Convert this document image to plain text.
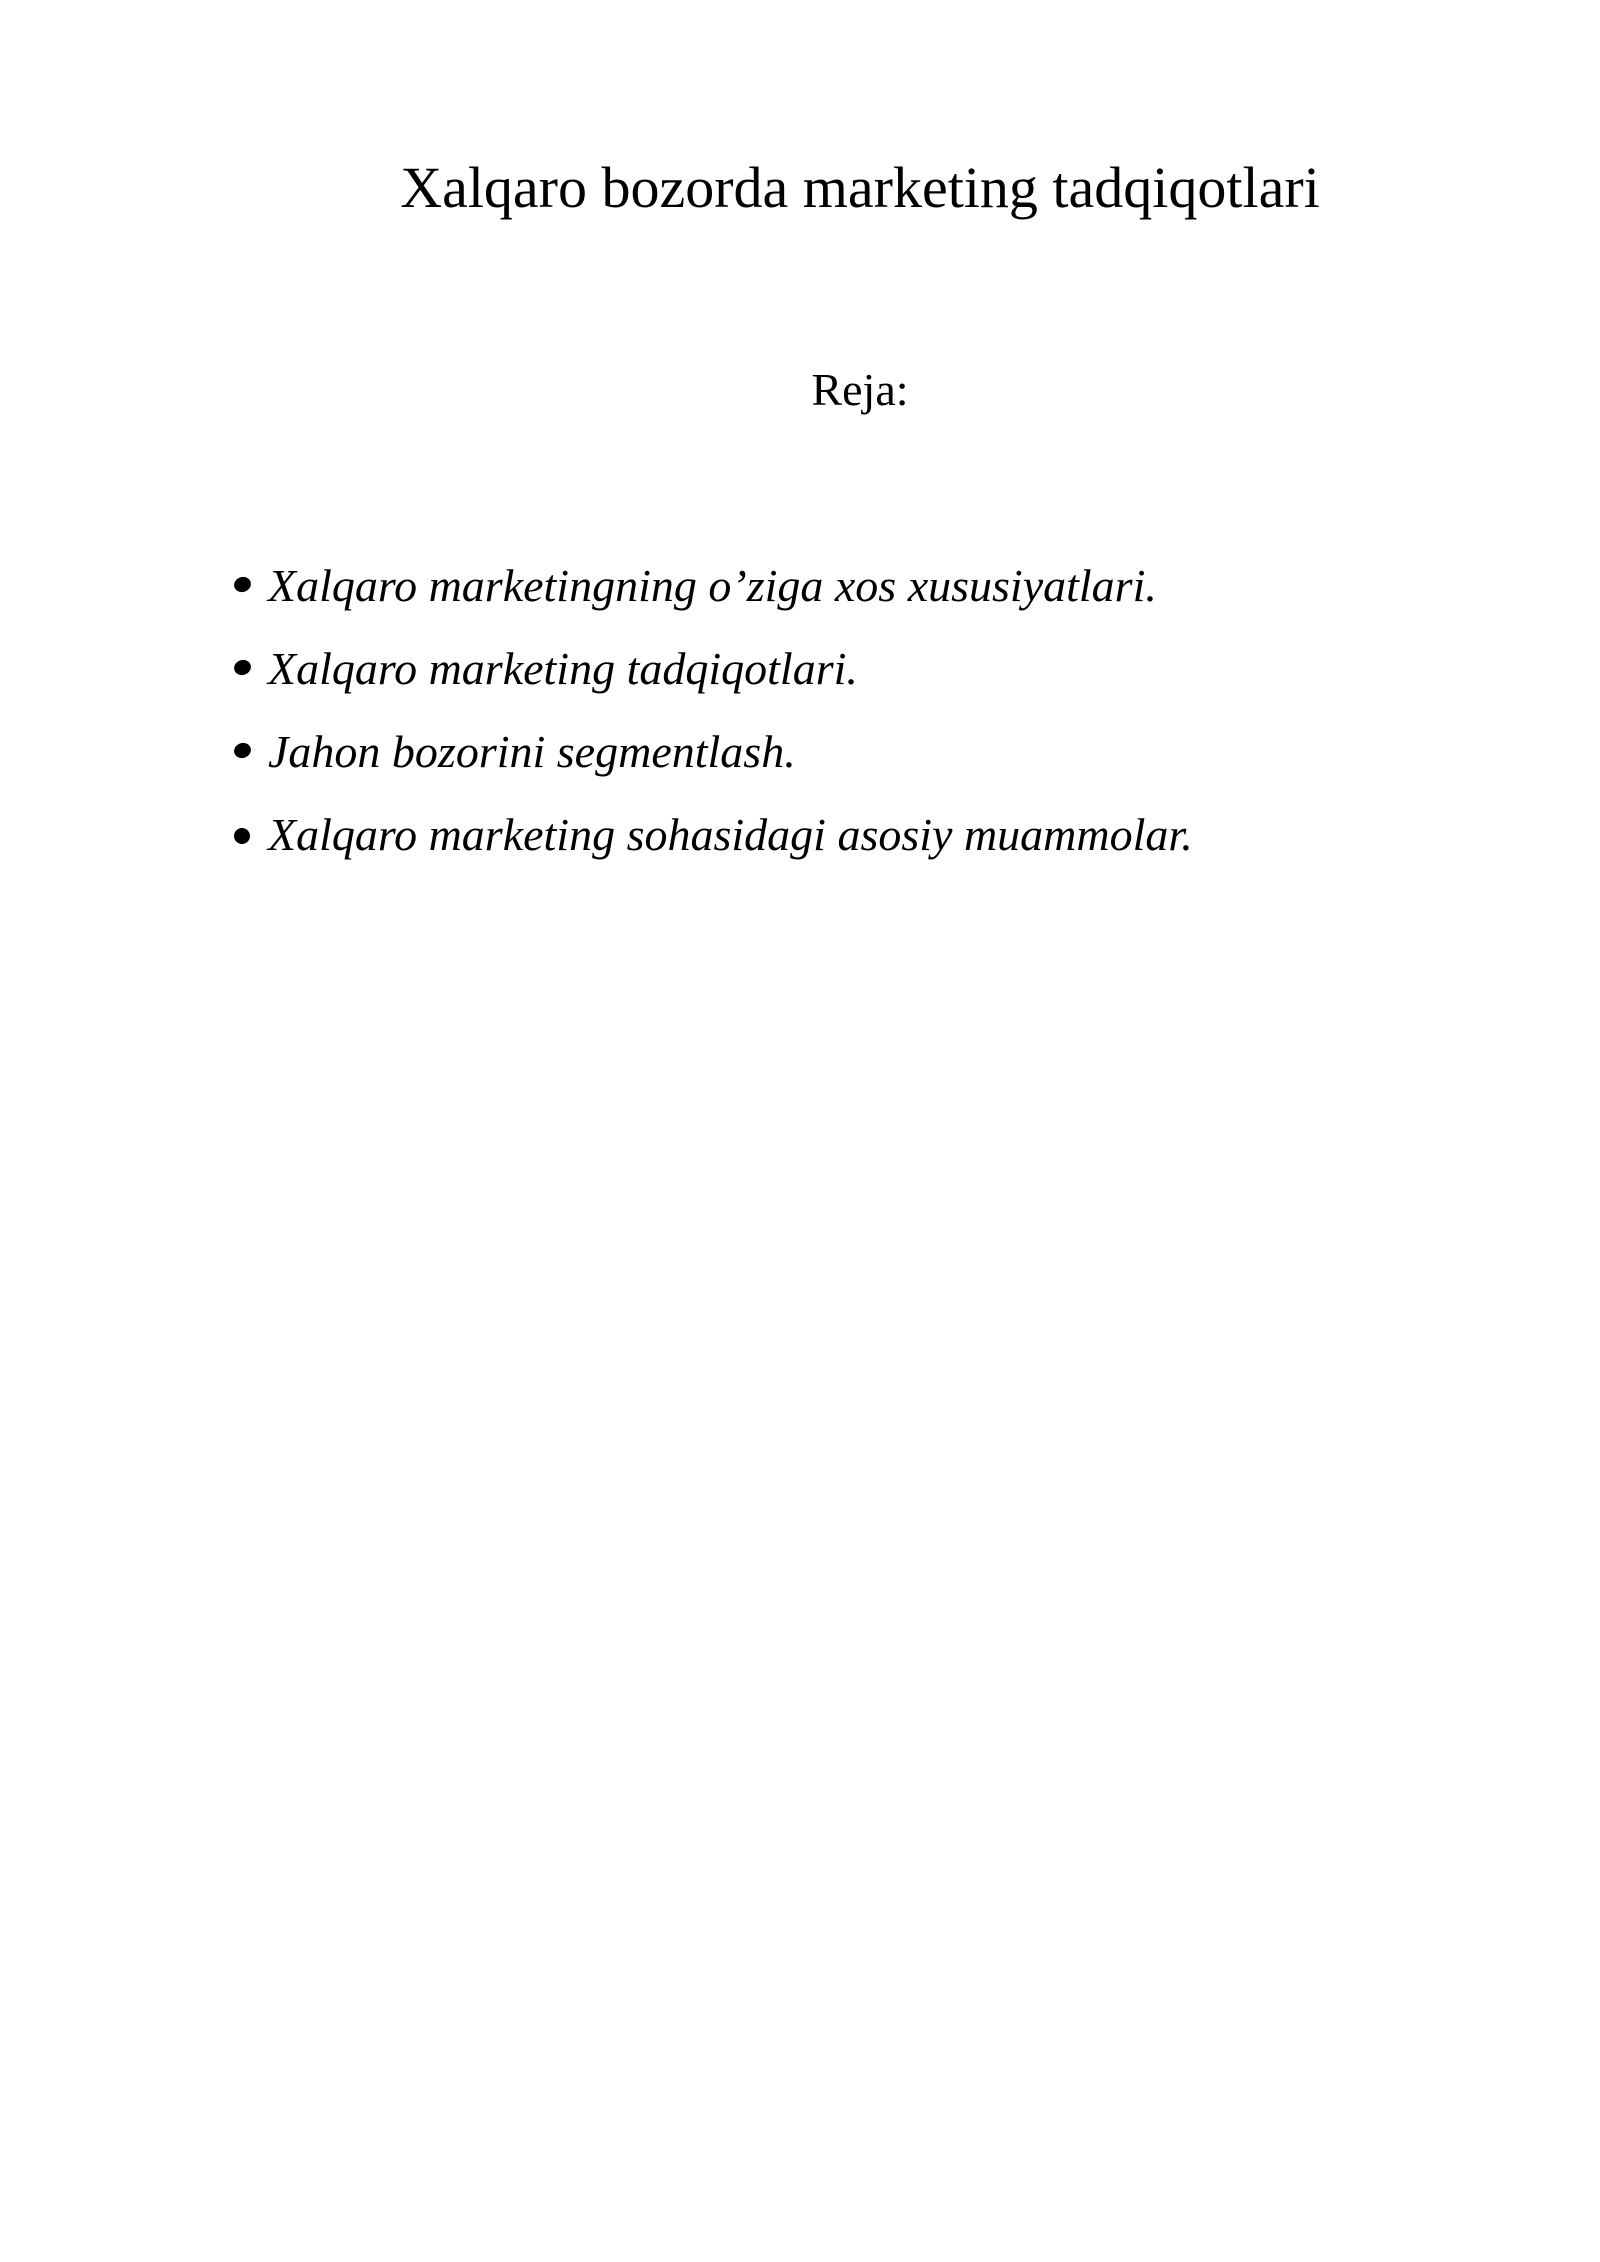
Xalqaro bozorda marketing tadqiqotlari
Reja:
Xalqaro marketingning o’ziga xos xususiyatlari.
Xalqaro marketing tadqiqotlari.
Jahon bozorini segmentlash.
Xalqaro marketing sohasidagi asosiy muammolar.
